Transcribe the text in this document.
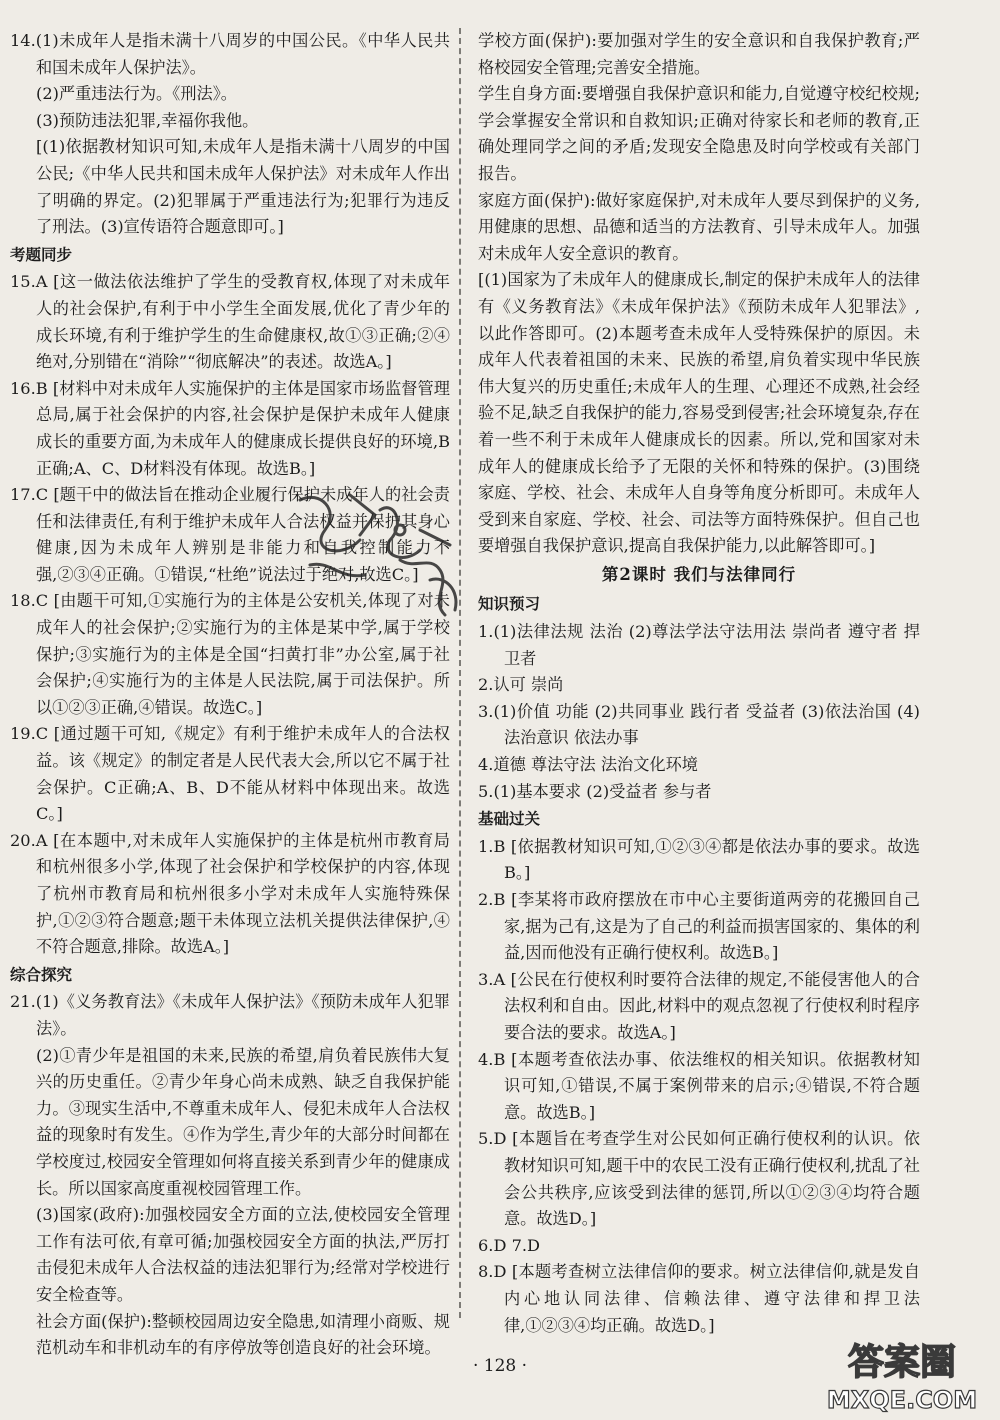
14.(1)未成年人是指未满十八周岁的中国公民。《中华人民共和国未成年人保护法》。

(2)严重违法行为。《刑法》。

(3)预防违法犯罪,幸福你我他。

[(1)依据教材知识可知,未成年人是指未满十八周岁的中国公民;《中华人民共和国未成年人保护法》对未成年人作出了明确的界定。(2)犯罪属于严重违法行为;犯罪行为违反了刑法。(3)宣传语符合题意即可。]

考题同步

15.A [这一做法依法维护了学生的受教育权,体现了对未成年人的社会保护,有利于中小学生全面发展,优化了青少年的成长环境,有利于维护学生的生命健康权,故①③正确;②④绝对,分别错在“消除”“彻底解决”的表述。故选A。]

16.B [材料中对未成年人实施保护的主体是国家市场监督管理总局,属于社会保护的内容,社会保护是保护未成年人健康成长的重要方面,为未成年人的健康成长提供良好的环境,B正确;A、C、D材料没有体现。故选B。]

17.C [题干中的做法旨在推动企业履行保护未成年人的社会责任和法律责任,有利于维护未成年人合法权益并保护其身心健康,因为未成年人辨别是非能力和自我控制能力不强,②③④正确。①错误,“杜绝”说法过于绝对,故选C。]

18.C [由题干可知,①实施行为的主体是公安机关,体现了对未成年人的社会保护;②实施行为的主体是某中学,属于学校保护;③实施行为的主体是全国“扫黄打非”办公室,属于社会保护;④实施行为的主体是人民法院,属于司法保护。所以①②③正确,④错误。故选C。]

19.C [通过题干可知,《规定》有利于维护未成年人的合法权益。该《规定》的制定者是人民代表大会,所以它不属于社会保护。C正确;A、B、D不能从材料中体现出来。故选C。]

20.A [在本题中,对未成年人实施保护的主体是杭州市教育局和杭州很多小学,体现了社会保护和学校保护的内容,体现了杭州市教育局和杭州很多小学对未成年人实施特殊保护,①②③符合题意;题干未体现立法机关提供法律保护,④不符合题意,排除。故选A。]

综合探究

21.(1)《义务教育法》《未成年人保护法》《预防未成年人犯罪法》。

(2)①青少年是祖国的未来,民族的希望,肩负着民族伟大复兴的历史重任。②青少年身心尚未成熟、缺乏自我保护能力。③现实生活中,不尊重未成年人、侵犯未成年人合法权益的现象时有发生。④作为学生,青少年的大部分时间都在学校度过,校园安全管理如何将直接关系到青少年的健康成长。所以国家高度重视校园管理工作。

(3)国家(政府):加强校园安全方面的立法,使校园安全管理工作有法可依,有章可循;加强校园安全方面的执法,严厉打击侵犯未成年人合法权益的违法犯罪行为;经常对学校进行安全检查等。

社会方面(保护):整顿校园周边安全隐患,如清理小商贩、规范机动车和非机动车的有序停放等创造良好的社会环境。

学校方面(保护):要加强对学生的安全意识和自我保护教育;严格校园安全管理;完善安全措施。

学生自身方面:要增强自我保护意识和能力,自觉遵守校纪校规;学会掌握安全常识和自救知识;正确对待家长和老师的教育,正确处理同学之间的矛盾;发现安全隐患及时向学校或有关部门报告。

家庭方面(保护):做好家庭保护,对未成年人要尽到保护的义务,用健康的思想、品德和适当的方法教育、引导未成年人。加强对未成年人安全意识的教育。

[(1)国家为了未成年人的健康成长,制定的保护未成年人的法律有《义务教育法》《未成年保护法》《预防未成年人犯罪法》,以此作答即可。(2)本题考查未成年人受特殊保护的原因。未成年人代表着祖国的未来、民族的希望,肩负着实现中华民族伟大复兴的历史重任;未成年人的生理、心理还不成熟,社会经验不足,缺乏自我保护的能力,容易受到侵害;社会环境复杂,存在着一些不利于未成年人健康成长的因素。所以,党和国家对未成年人的健康成长给予了无限的关怀和特殊的保护。(3)围绕家庭、学校、社会、未成年人自身等角度分析即可。未成年人受到来自家庭、学校、社会、司法等方面特殊保护。但自己也要增强自我保护意识,提高自我保护能力,以此解答即可。]

第2课时 我们与法律同行

知识预习

1.(1)法律法规 法治 (2)尊法学法守法用法 崇尚者 遵守者 捍卫者

2.认可 崇尚

3.(1)价值 功能 (2)共同事业 践行者 受益者 (3)依法治国 (4)法治意识 依法办事

4.道德 尊法守法 法治文化环境

5.(1)基本要求 (2)受益者 参与者

基础过关

1.B [依据教材知识可知,①②③④都是依法办事的要求。故选B。]

2.B [李某将市政府摆放在市中心主要街道两旁的花搬回自己家,据为己有,这是为了自己的利益而损害国家的、集体的利益,因而他没有正确行使权利。故选B。]

3.A [公民在行使权利时要符合法律的规定,不能侵害他人的合法权利和自由。因此,材料中的观点忽视了行使权利时程序要合法的要求。故选A。]

4.B [本题考查依法办事、依法维权的相关知识。依据教材知识可知,①错误,不属于案例带来的启示;④错误,不符合题意。故选B。]

5.D [本题旨在考查学生对公民如何正确行使权利的认识。依教材知识可知,题干中的农民工没有正确行使权利,扰乱了社会公共秩序,应该受到法律的惩罚,所以①②③④均符合题意。故选D。]

6.D 7.D

8.D [本题考查树立法律信仰的要求。树立法律信仰,就是发自内心地认同法律、信赖法律、遵守法律和捍卫法律,①②③④均正确。故选D。]

· 128 ·	答案圈
MXQE.COM
